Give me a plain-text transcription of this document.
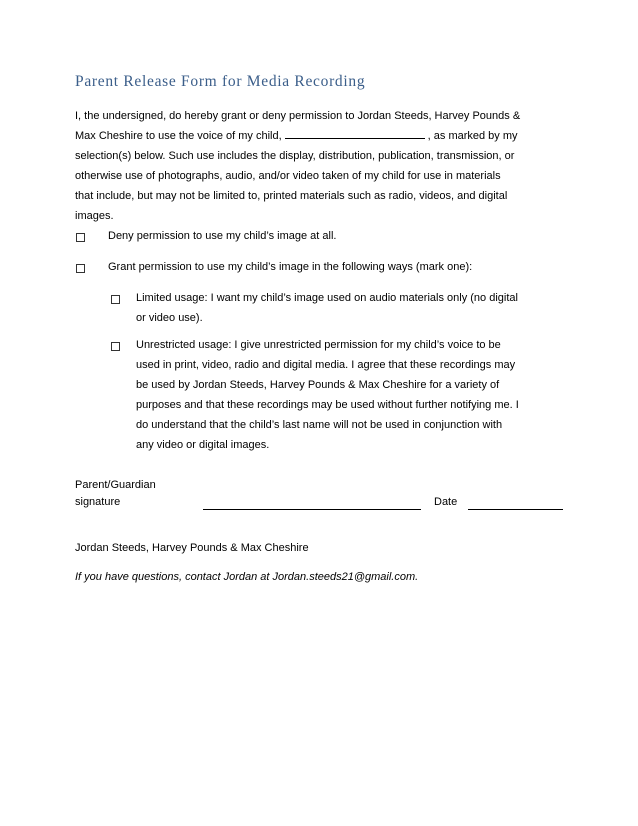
Parent Release Form for Media Recording

I, the undersigned, do hereby grant or deny permission to Jordan Steeds, Harvey Pounds &

Max Cheshire to use the voice of my child,	, as marked by my

selection(s) below. Such use includes the display, distribution, publication, transmission, or

otherwise use of photographs, audio, and/or video taken of my child for use in materials

that include, but may not be limited to, printed materials such as radio, videos, and digital

images.

Deny permission to use my child’s image at all.
Grant permission to use my child’s image in the following ways (mark one):

Limited usage: I want my child’s image used on audio materials only (no digital

or video use).

Unrestricted usage: I give unrestricted permission for my child’s voice to be

used in print, video, radio and digital media. I agree that these recordings may

be used by Jordan Steeds, Harvey Pounds & Max Cheshire for a variety of

purposes and that these recordings may be used without further notifying me. I

do understand that the child’s last name will not be used in conjunction with

any video or digital images.

Parent/Guardian
signature	Date
Jordan Steeds, Harvey Pounds & Max Cheshire
If you have questions, contact Jordan at Jordan.steeds21@gmail.com.
